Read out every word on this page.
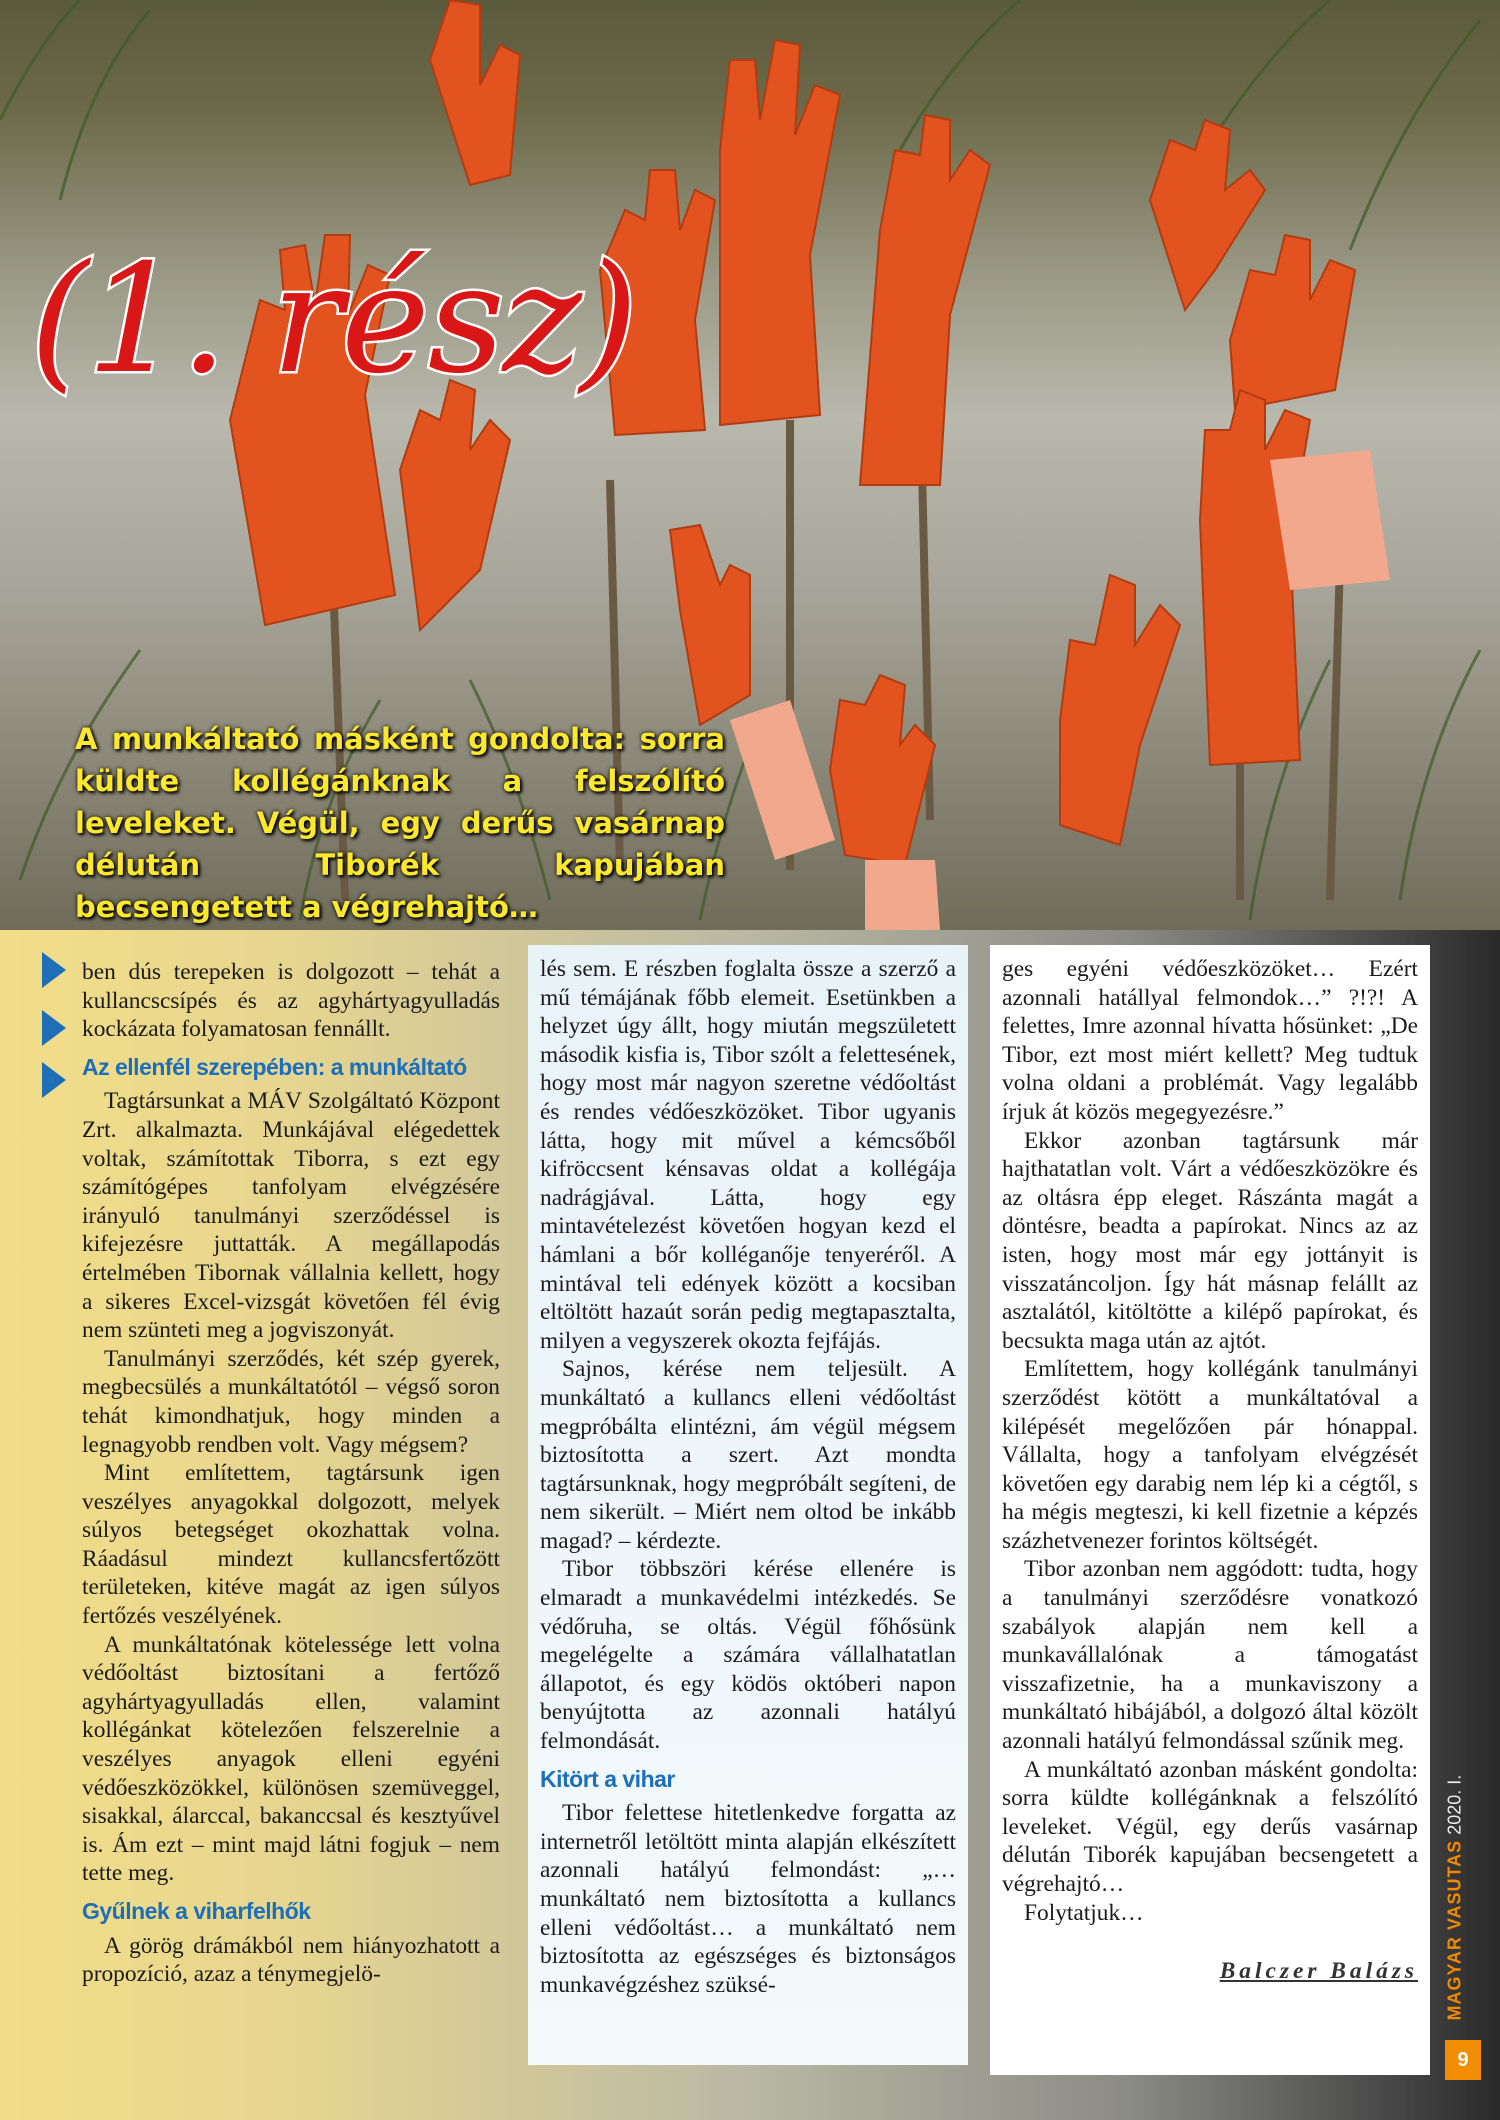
(1. rész)
A munkáltató másként gondolta: sorra küldte kollégánknak a felszólító leveleket. Végül, egy derűs vasárnap délután Tiborék kapujában becsengetett a végrehajtó…

ben dús terepeken is dolgozott – tehát a kullancscsípés és az agyhártyagyulladás kockázata folyamatosan fennállt.

Az ellenfél szerepében: a munkáltató

Tagtársunkat a MÁV Szolgáltató Központ Zrt. alkalmazta. Munkájával elégedettek voltak, számítottak Tiborra, s ezt egy számítógépes tanfolyam elvégzésére irányuló tanulmányi szerződéssel is kifejezésre juttatták. A megállapodás értelmében Tibornak vállalnia kellett, hogy a sikeres Excel-vizsgát követően fél évig nem szünteti meg a jogviszonyát.

Tanulmányi szerződés, két szép gyerek, megbecsülés a munkáltatótól – végső soron tehát kimondhatjuk, hogy minden a legnagyobb rendben volt. Vagy mégsem?

Mint említettem, tagtársunk igen veszélyes anyagokkal dolgozott, melyek súlyos betegséget okozhattak volna. Ráadásul mindezt kullancsfertőzött területeken, kitéve magát az igen súlyos fertőzés veszélyének.

A munkáltatónak kötelessége lett volna védőoltást biztosítani a fertőző agyhártyagyulladás ellen, valamint kollégánkat kötelezően felszerelnie a veszélyes anyagok elleni egyéni védőeszközökkel, különösen szemüveggel, sisakkal, álarccal, bakanccsal és kesztyűvel is. Ám ezt – mint majd látni fogjuk – nem tette meg.

Gyűlnek a viharfelhők

A görög drámákból nem hiányozhatott a propozíció, azaz a ténymegjelö-

lés sem. E részben foglalta össze a szerző a mű témájának főbb elemeit. Esetünkben a helyzet úgy állt, hogy miután megszületett második kisfia is, Tibor szólt a felettesének, hogy most már nagyon szeretne védőoltást és rendes védőeszközöket. Tibor ugyanis látta, hogy mit művel a kémcsőből kifröccsent kénsavas oldat a kollégája nadrágjával. Látta, hogy egy mintavételezést követően hogyan kezd el hámlani a bőr kolléganője tenyeréről. A mintával teli edények között a kocsiban eltöltött hazaút során pedig megtapasztalta, milyen a vegyszerek okozta fejfájás.

Sajnos, kérése nem teljesült. A munkáltató a kullancs elleni védőoltást megpróbálta elintézni, ám végül mégsem biztosította a szert. Azt mondta tagtársunknak, hogy megpróbált segíteni, de nem sikerült. – Miért nem oltod be inkább magad? – kérdezte.

Tibor többszöri kérése ellenére is elmaradt a munkavédelmi intézkedés. Se védőruha, se oltás. Végül főhősünk megelégelte a számára vállalhatatlan állapotot, és egy ködös októberi napon benyújtotta az azonnali hatályú felmondását.

Kitört a vihar

Tibor felettese hitetlenkedve forgatta az internetről letöltött minta alapján elkészített azonnali hatályú felmondást: „… munkáltató nem biztosította a kullancs elleni védőoltást… a munkáltató nem biztosította az egészséges és biztonságos munkavégzéshez szüksé-

ges egyéni védőeszközöket… Ezért azonnali hatállyal felmondok…” ?!?! A felettes, Imre azonnal hívatta hősünket: „De Tibor, ezt most miért kellett? Meg tudtuk volna oldani a problémát. Vagy legalább írjuk át közös megegyezésre.”

Ekkor azonban tagtársunk már hajthatatlan volt. Várt a védőeszközökre és az oltásra épp eleget. Rászánta magát a döntésre, beadta a papírokat. Nincs az az isten, hogy most már egy jottányit is visszatáncoljon. Így hát másnap felállt az asztalától, kitöltötte a kilépő papírokat, és becsukta maga után az ajtót.

Említettem, hogy kollégánk tanulmányi szerződést kötött a munkáltatóval a kilépését megelőzően pár hónappal. Vállalta, hogy a tanfolyam elvégzését követően egy darabig nem lép ki a cégtől, s ha mégis megteszi, ki kell fizetnie a képzés százhetvenezer forintos költségét.

Tibor azonban nem aggódott: tudta, hogy a tanulmányi szerződésre vonatkozó szabályok alapján nem kell a munkavállalónak a támogatást visszafizetnie, ha a munkaviszony a munkáltató hibájából, a dolgozó által közölt azonnali hatályú felmondással szűnik meg.

A munkáltató azonban másként gondolta: sorra küldte kollégánknak a felszólító leveleket. Végül, egy derűs vasárnap délután Tiborék kapujában becsengetett a végrehajtó…

Folytatjuk…

Balczer Balázs MAGYAR VASUTAS 2020. I.
9
